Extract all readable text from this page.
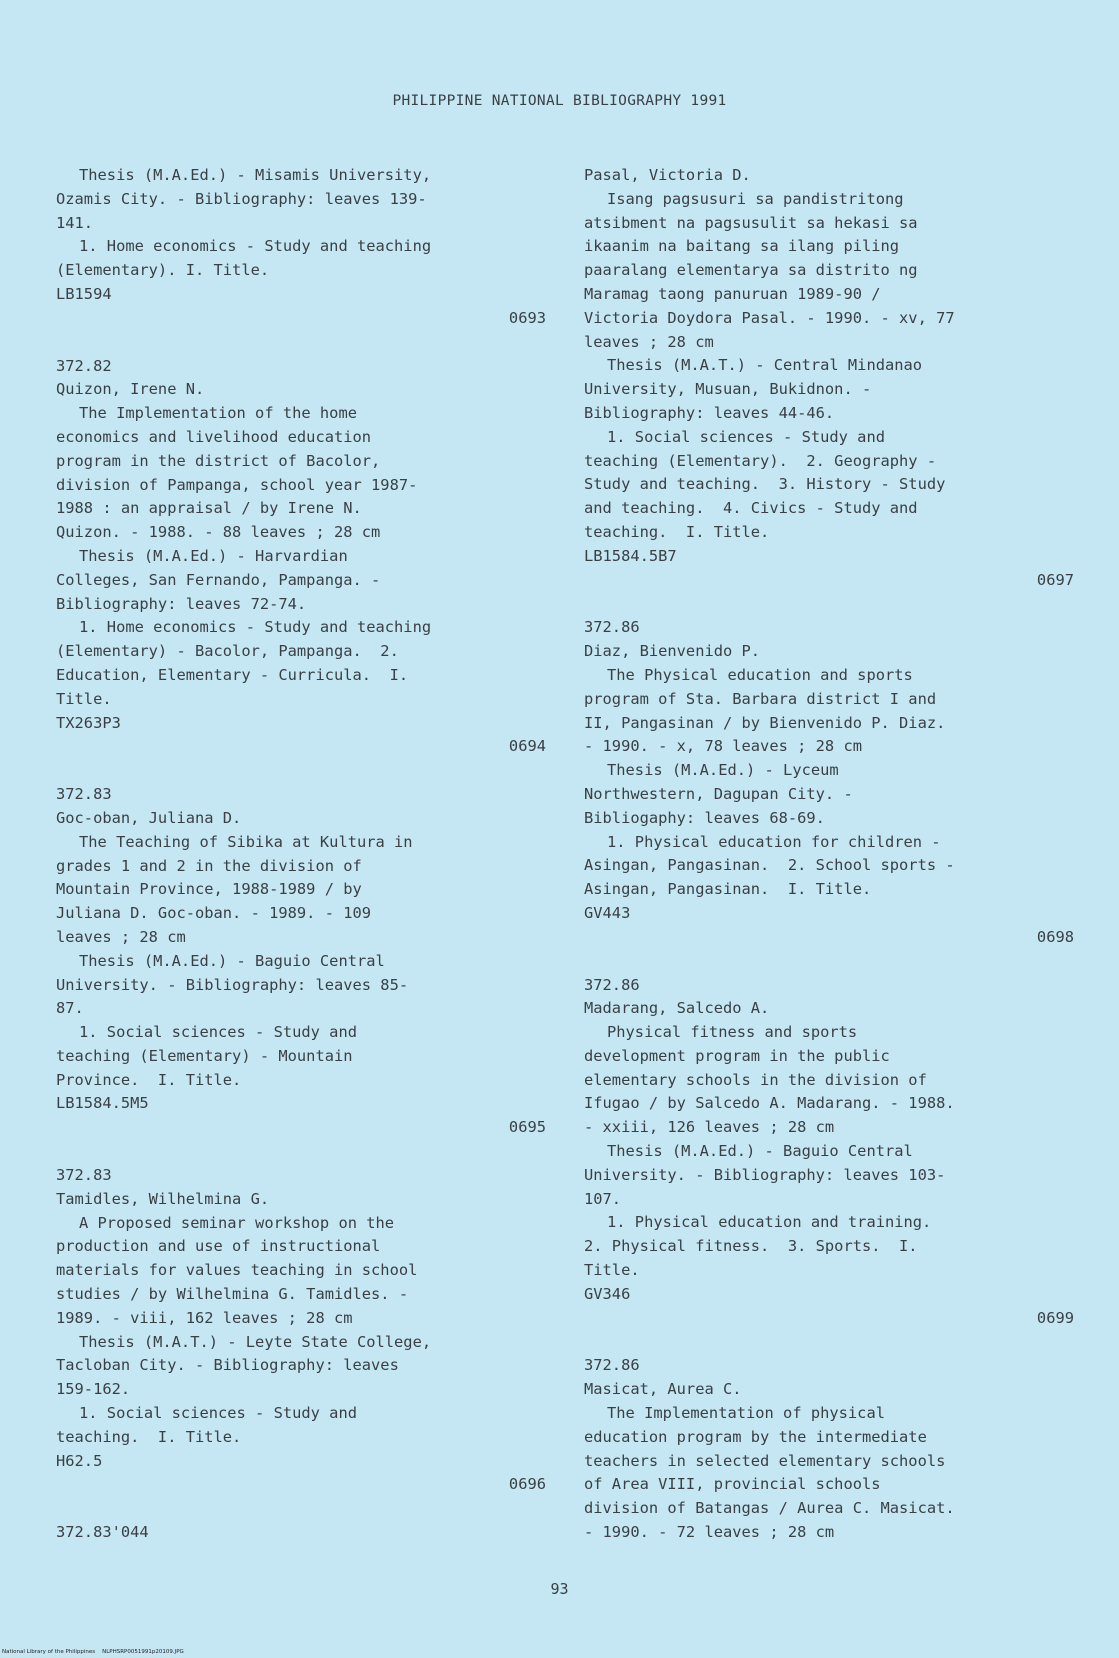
PHILIPPINE NATIONAL BIBLIOGRAPHY 1991
Thesis (M.A.Ed.) - Misamis University,
Ozamis City. - Bibliography: leaves 139-
141.
1. Home economics - Study and teaching
(Elementary). I. Title.
LB1594
0693
372.82
Quizon, Irene N.
The Implementation of the home
economics and livelihood education
program in the district of Bacolor,
division of Pampanga, school year 1987-
1988 : an appraisal / by Irene N.
Quizon. - 1988. - 88 leaves ; 28 cm
Thesis (M.A.Ed.) - Harvardian
Colleges, San Fernando, Pampanga. -
Bibliography: leaves 72-74.
1. Home economics - Study and teaching
(Elementary) - Bacolor, Pampanga.  2.
Education, Elementary - Curricula.  I.
Title.
TX263P3
0694
372.83
Goc-oban, Juliana D.
The Teaching of Sibika at Kultura in
grades 1 and 2 in the division of
Mountain Province, 1988-1989 / by
Juliana D. Goc-oban. - 1989. - 109
leaves ; 28 cm
Thesis (M.A.Ed.) - Baguio Central
University. - Bibliography: leaves 85-
87.
1. Social sciences - Study and
teaching (Elementary) - Mountain
Province.  I. Title.
LB1584.5M5
0695
372.83
Tamidles, Wilhelmina G.
A Proposed seminar workshop on the
production and use of instructional
materials for values teaching in school
studies / by Wilhelmina G. Tamidles. -
1989. - viii, 162 leaves ; 28 cm
Thesis (M.A.T.) - Leyte State College,
Tacloban City. - Bibliography: leaves
159-162.
1. Social sciences - Study and
teaching.  I. Title.
H62.5
0696
372.83'044
Pasal, Victoria D.
Isang pagsusuri sa pandistritong
atsibment na pagsusulit sa hekasi sa
ikaanim na baitang sa ilang piling
paaralang elementarya sa distrito ng
Maramag taong panuruan 1989-90 /
Victoria Doydora Pasal. - 1990. - xv, 77
leaves ; 28 cm
Thesis (M.A.T.) - Central Mindanao
University, Musuan, Bukidnon. -
Bibliography: leaves 44-46.
1. Social sciences - Study and
teaching (Elementary).  2. Geography -
Study and teaching.  3. History - Study
and teaching.  4. Civics - Study and
teaching.  I. Title.
LB1584.5B7
0697
372.86
Diaz, Bienvenido P.
The Physical education and sports
program of Sta. Barbara district I and
II, Pangasinan / by Bienvenido P. Diaz.
- 1990. - x, 78 leaves ; 28 cm
Thesis (M.A.Ed.) - Lyceum
Northwestern, Dagupan City. -
Bibliogaphy: leaves 68-69.
1. Physical education for children -
Asingan, Pangasinan.  2. School sports -
Asingan, Pangasinan.  I. Title.
GV443
0698
372.86
Madarang, Salcedo A.
Physical fitness and sports
development program in the public
elementary schools in the division of
Ifugao / by Salcedo A. Madarang. - 1988.
- xxiii, 126 leaves ; 28 cm
Thesis (M.A.Ed.) - Baguio Central
University. - Bibliography: leaves 103-
107.
1. Physical education and training.
2. Physical fitness.  3. Sports.  I.
Title.
GV346
0699
372.86
Masicat, Aurea C.
The Implementation of physical
education program by the intermediate
teachers in selected elementary schools
of Area VIII, provincial schools
division of Batangas / Aurea C. Masicat.
- 1990. - 72 leaves ; 28 cm
93
National Library of the Philippines    NLPHSRP0051991p20109.JPG
